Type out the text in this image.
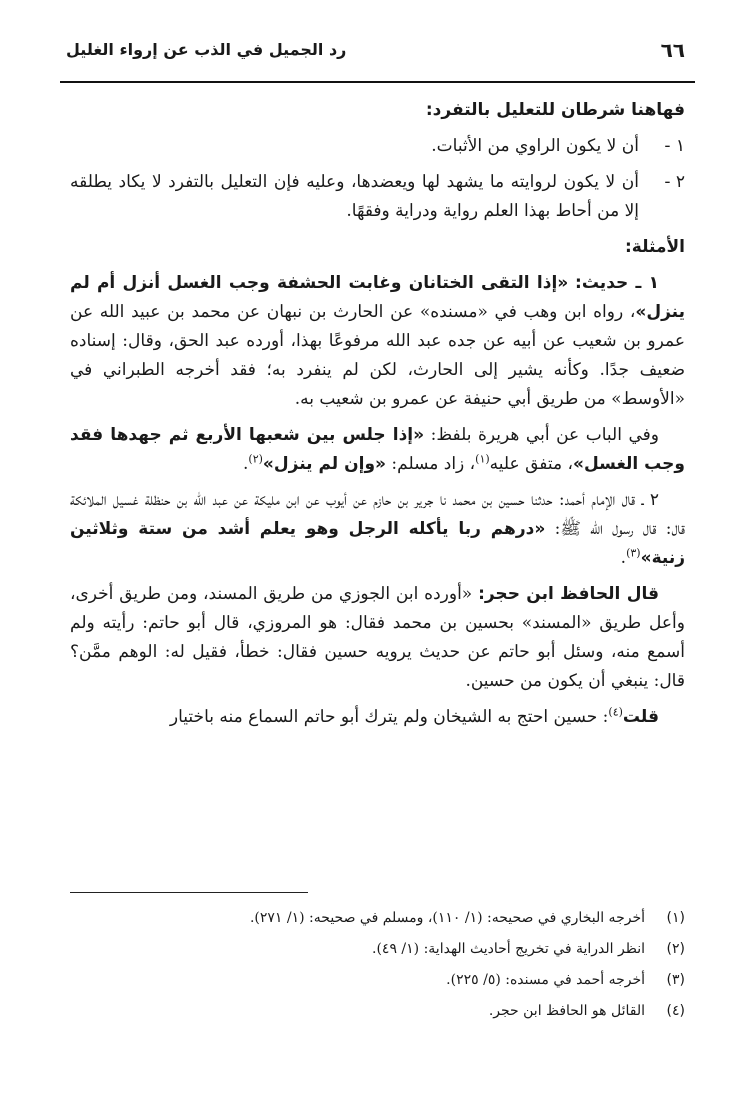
٦٦
رد الجميل في الذب عن إرواء الغليل

فهاهنا شرطان للتعليل بالتفرد:

١ -
أن لا يكون الراوي من الأثبات.
٢ -
أن لا يكون لروايته ما يشهد لها ويعضدها، وعليه فإن التعليل بالتفرد لا يكاد يطلقه إلا من أحاط بهذا العلم رواية ودراية وفقهًا.

الأمثلة:

١ ـ حديث: «إذا التقى الختانان وغابت الحشفة وجب الغسل أنزل أم لم ينزل»، رواه ابن وهب في «مسنده» عن الحارث بن نبهان عن محمد بن عبيد الله عن عمرو بن شعيب عن أبيه عن جده عبد الله مرفوعًا بهذا، أورده عبد الحق، وقال: إسناده ضعيف جدًا. وكأنه يشير إلى الحارث، لكن لم ينفرد به؛ فقد أخرجه الطبراني في «الأوسط» من طريق أبي حنيفة عن عمرو بن شعيب به.

وفي الباب عن أبي هريرة بلفظ: «إذا جلس بين شعبها الأربع ثم جهدها فقد وجب الغسل»، متفق عليه$^{(١)}$، زاد مسلم: «وإن لم ينزل»$^{(٢)}$.

٢ ـ قال الإمام أحمد: حدثنا حسين بن محمد نا جرير بن حازم عن أيوب عن ابن مليكة عن عبد الله بن حنظلة غسيل الملائكة قال: قال رسول الله ﷺ: «درهم ربا يأكله الرجل وهو يعلم أشد من ستة وثلاثين زنية»$^{(٣)}$.

قال الحافظ ابن حجر: «أورده ابن الجوزي من طريق المسند، ومن طريق أخرى، وأعل طريق «المسند» بحسين بن محمد فقال: هو المروزي، قال أبو حاتم: رأيته ولم أسمع منه، وسئل أبو حاتم عن حديث يرويه حسين فقال: خطأ، فقيل له: الوهم ممَّن؟ قال: ينبغي أن يكون من حسين.

قلت$^{(٤)}$: حسين احتج به الشيخان ولم يترك أبو حاتم السماع منه باختيار

(١)
أخرجه البخاري في صحيحه: (١/ ١١٠)، ومسلم في صحيحه: (١/ ٢٧١).
(٢)
انظر الدراية في تخريج أحاديث الهداية: (١/ ٤٩).
(٣)
أخرجه أحمد في مسنده: (٥/ ٢٢٥).
(٤)
القائل هو الحافظ ابن حجر.
